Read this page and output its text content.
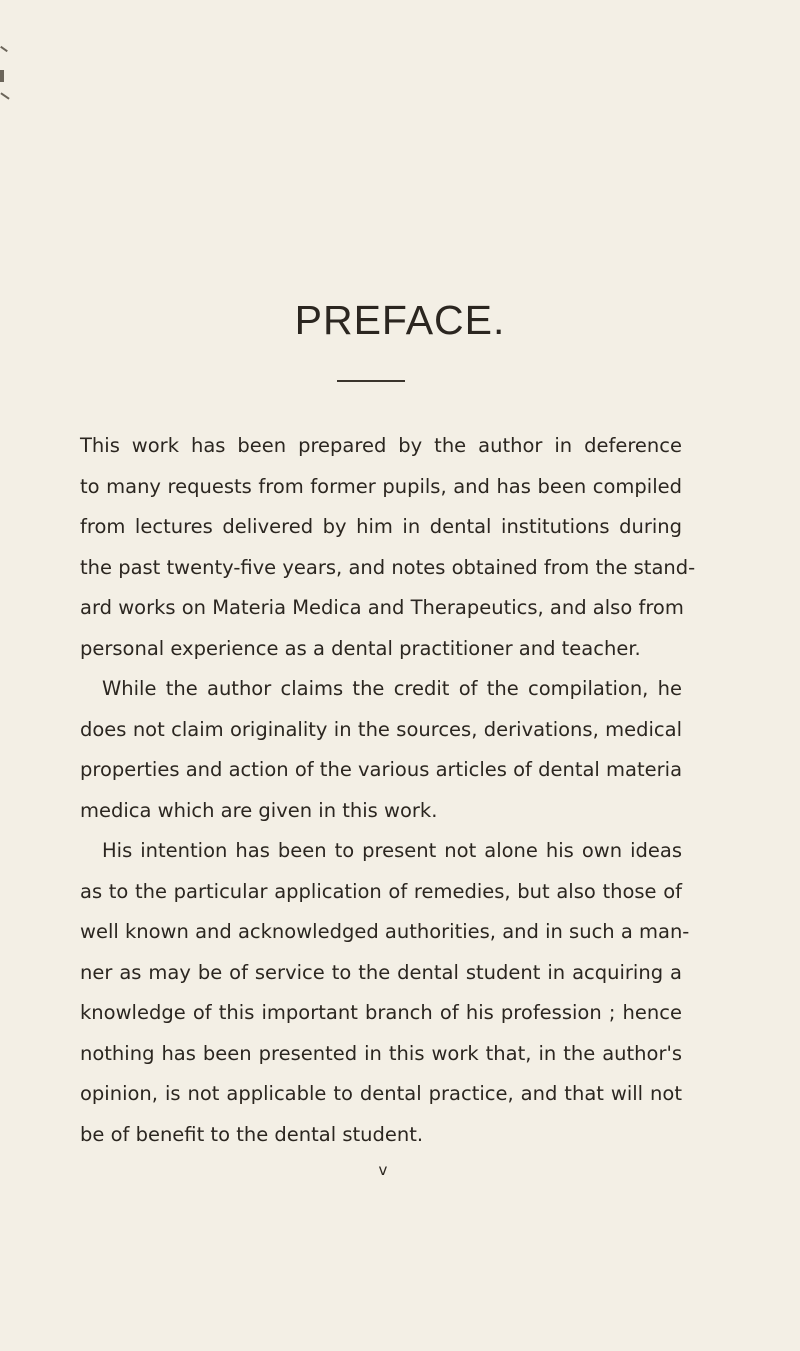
PREFACE.
This work has been prepared by the author in deference
to many requests from former pupils, and has been compiled
from lectures delivered by him in dental institutions during
the past twenty-five years, and notes obtained from the stand-
ard works on Materia Medica and Therapeutics, and also from
personal experience as a dental practitioner and teacher.
While the author claims the credit of the compilation, he
does not claim originality in the sources, derivations, medical
properties and action of the various articles of dental materia
medica which are given in this work.
His intention has been to present not alone his own ideas
as to the particular application of remedies, but also those of
well known and acknowledged authorities, and in such a man-
ner as may be of service to the dental student in acquiring a
knowledge of this important branch of his profession ; hence
nothing has been presented in this work that, in the author's
opinion, is not applicable to dental practice, and that will not
be of benefit to the dental student.
v
